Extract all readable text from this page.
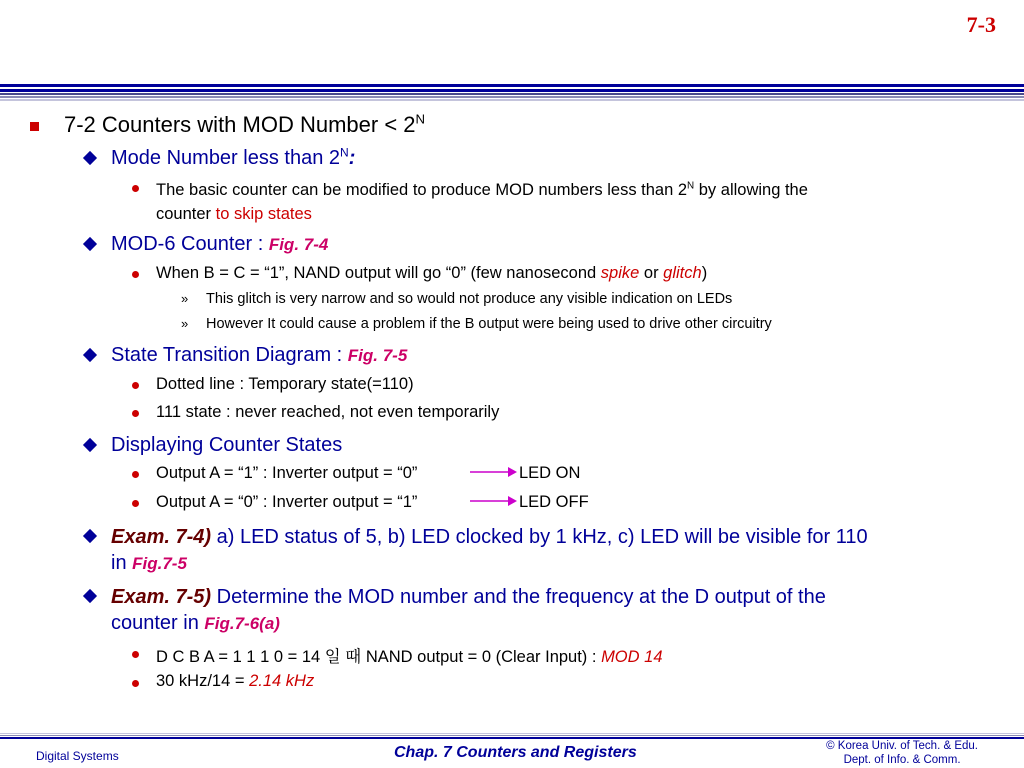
7-3
7-2 Counters with MOD Number < $2^N$
Mode Number less than $2^N$:
The basic counter can be modified to produce MOD numbers less than $2^N$ by allowing the
counter to skip states
MOD-6 Counter : Fig. 7-4
When B = C = “1”, NAND output will go “0” (few nanosecond spike or glitch)
» This glitch is very narrow and so would not produce any visible indication on LEDs
» However It could cause a problem if the B output were being used to drive other circuitry
State Transition Diagram : Fig. 7-5
Dotted line : Temporary state(=110)
111 state : never reached, not even temporarily
Displaying Counter States
Output A = “1” : Inverter output = “0”	LED ON
Output A = “0” : Inverter output = “1”	LED OFF
Exam. 7-4) a) LED status of 5, b) LED clocked by 1 kHz, c) LED will be visible for 110
in Fig.7-5
Exam. 7-5) Determine the MOD number and the frequency at the D output of the
counter in Fig.7-6(a)
D C B A = 1 1 1 0 = 14 일 때 NAND output = 0 (Clear Input) : MOD 14
30 kHz/14 = 2.14 kHz
Digital Systems	Chap. 7 Counters and Registers	© Korea Univ. of Tech. & Edu.
Dept. of Info. & Comm.
